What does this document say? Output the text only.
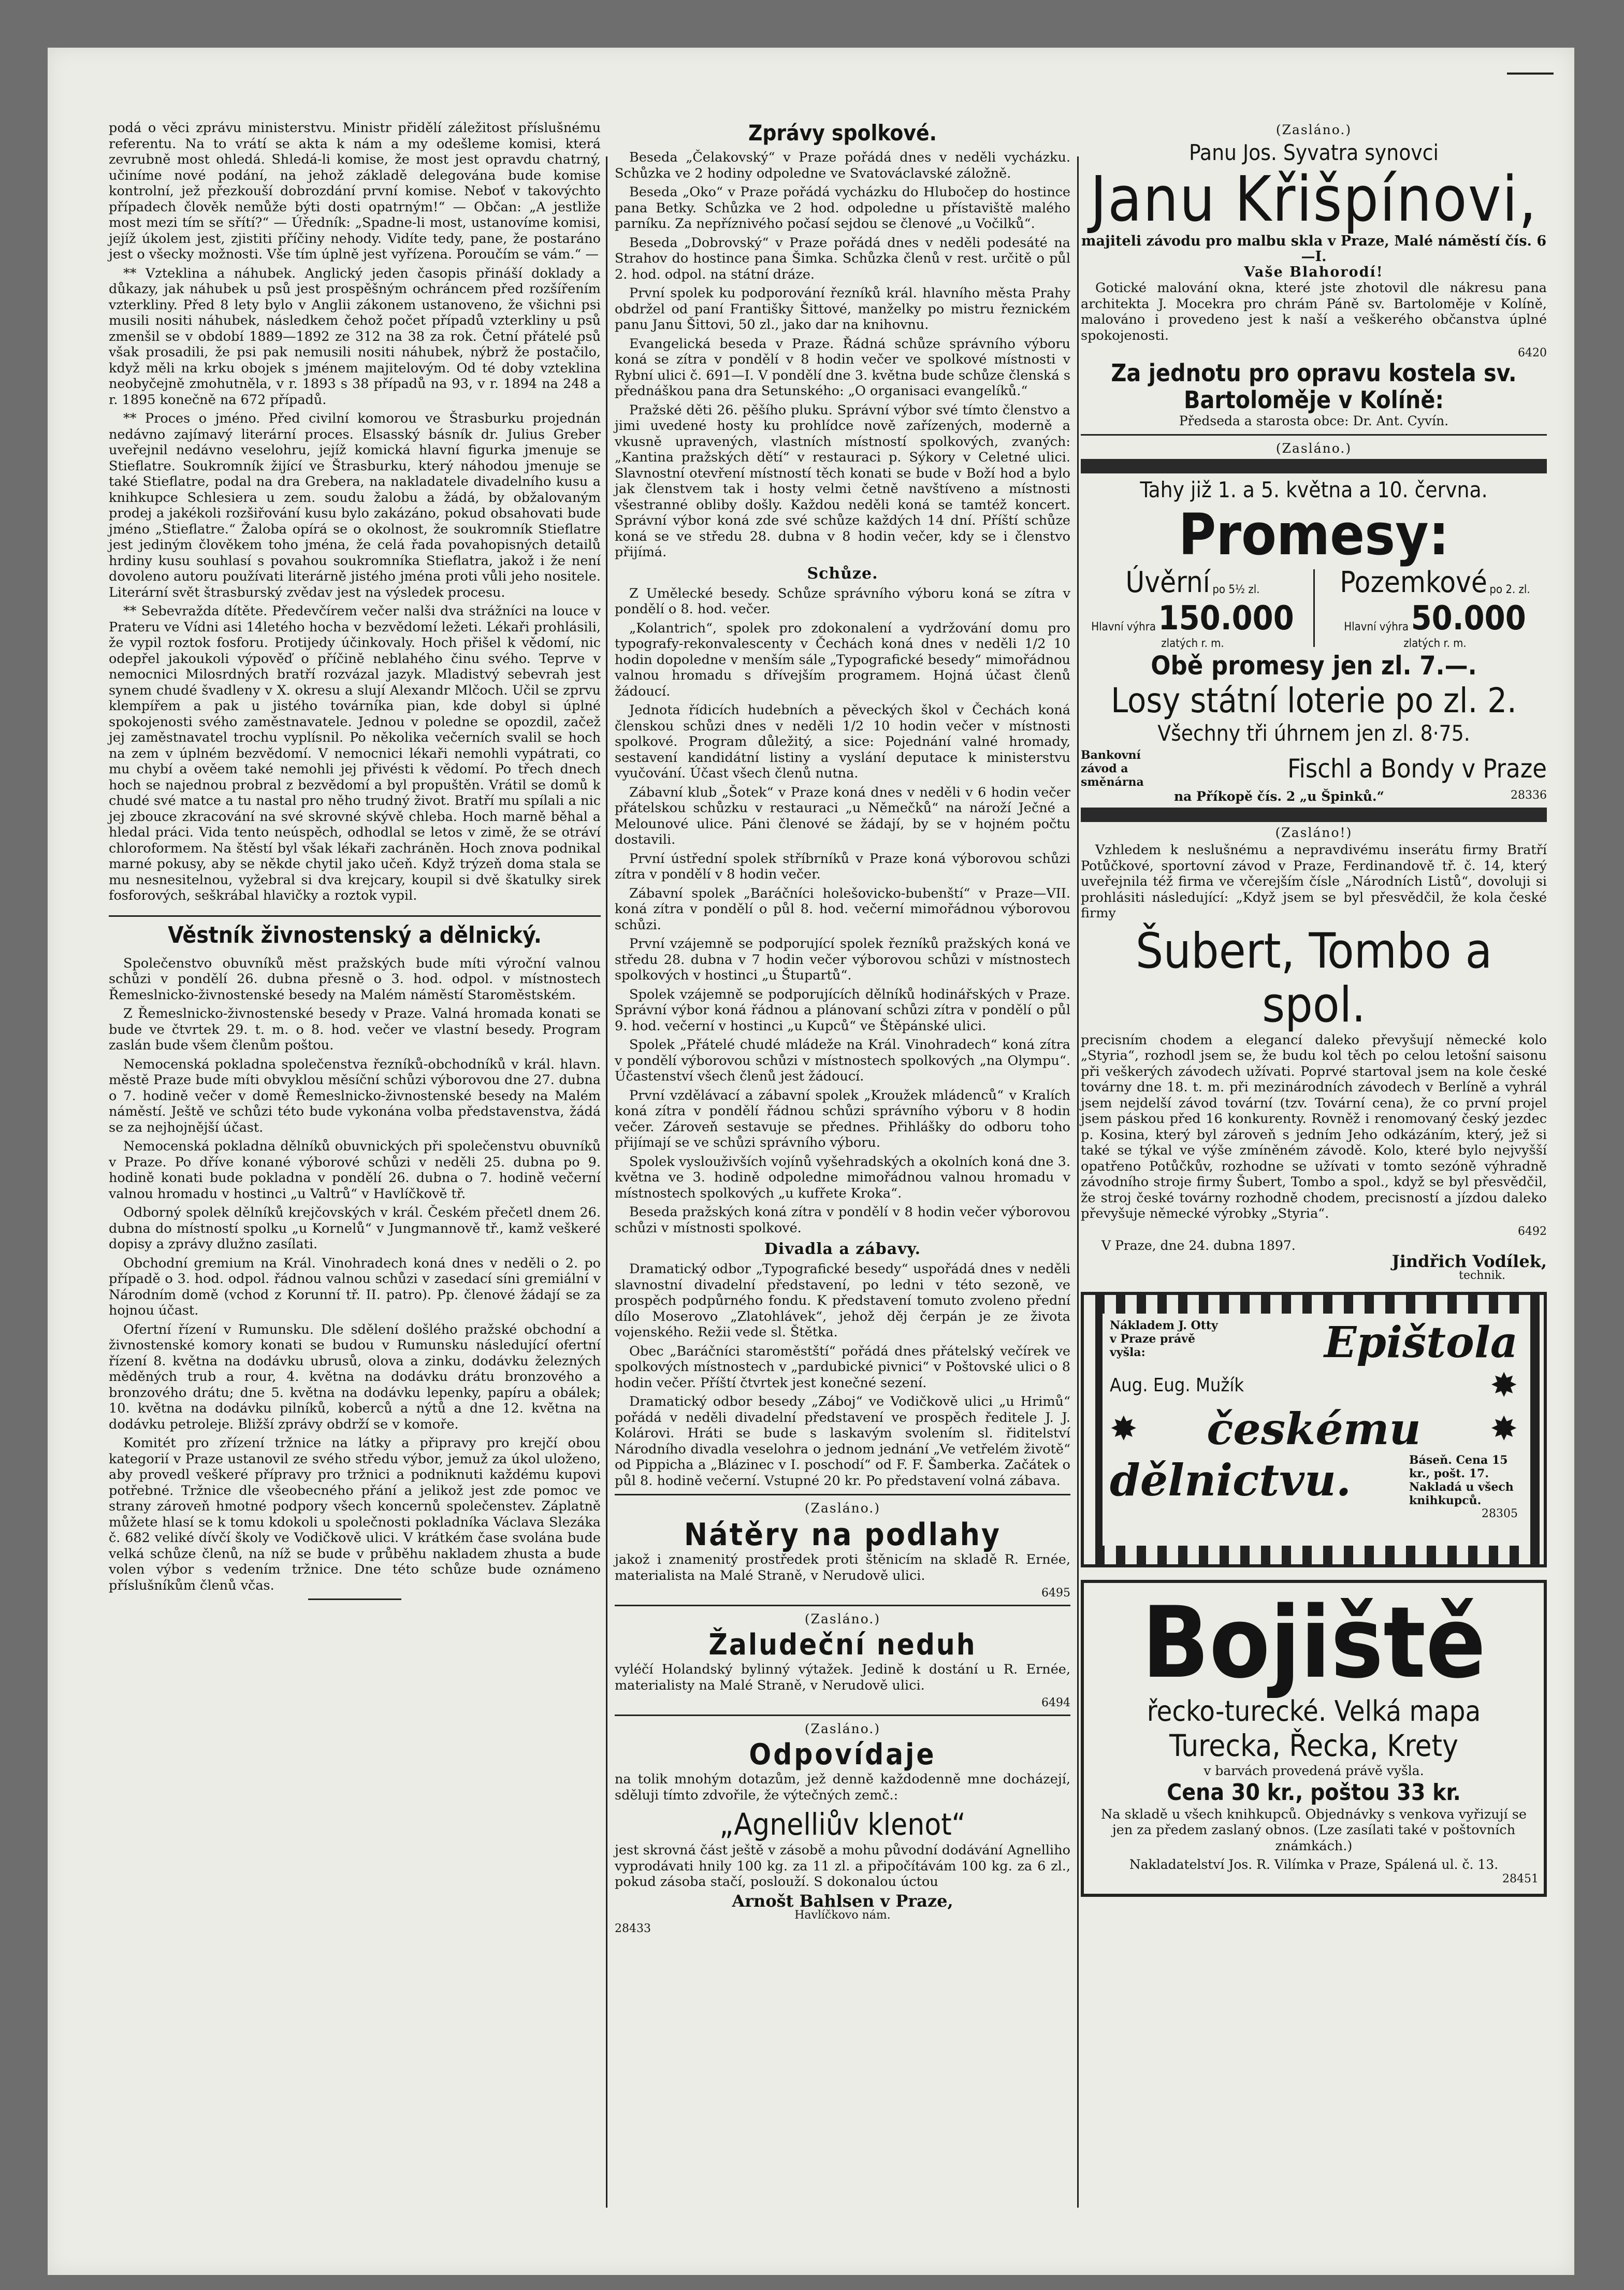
podá o věci zprávu ministerstvu. Ministr přidělí záležitost příslušnému referentu. Na to vrátí se akta k nám a my odešleme komisi, která zevrubně most ohledá. Shledá-li komise, že most jest opravdu chatrný, učiníme nové podání, na jehož základě delegována bude komise kontrolní, jež přezkouší dobrozdání první komise. Neboť v takovýchto případech člověk nemůže býti dosti opatrným!“ — Občan: „A jestliže most mezi tím se sřítí?“ — Úředník: „Spadne-li most, ustanovíme komisi, jejíž úkolem jest, zjistiti příčiny nehody. Vidíte tedy, pane, že postaráno jest o všecky možnosti. Vše tím úplně jest vyřízena. Poroučím se vám.“ —

** Vzteklina a náhubek. Anglický jeden časopis přináší doklady a důkazy, jak náhubek u psů jest prospěšným ochráncem před rozšířením vzterkliny. Před 8 lety bylo v Anglii zákonem ustanoveno, že všichni psi musili nositi náhubek, následkem čehož počet případů vzterkliny u psů zmenšil se v období 1889—1892 ze 312 na 38 za rok. Četní přátelé psů však prosadili, že psi pak nemusili nositi náhubek, nýbrž že postačilo, když měli na krku obojek s jménem majitelovým. Od té doby vzteklina neobyčejně zmohutněla, v r. 1893 s 38 případů na 93, v r. 1894 na 248 a r. 1895 konečně na 672 případů.

** Proces o jméno. Před civilní komorou ve Štrasburku projednán nedávno zajímavý literární proces. Elsasský básník dr. Julius Greber uveřejnil nedávno veselohru, jejíž komická hlavní figurka jmenuje se Stieflatre. Soukromník žijící ve Štrasburku, který náhodou jmenuje se také Stieflatre, podal na dra Grebera, na nakladatele divadelního kusu a knihkupce Schlesiera u zem. soudu žalobu a žádá, by obžalovaným prodej a jakékoli rozšiřování kusu bylo zakázáno, pokud obsahovati bude jméno „Stieflatre.“ Žaloba opírá se o okolnost, že soukromník Stieflatre jest jediným člověkem toho jména, že celá řada povahopisných detailů hrdiny kusu souhlasí s povahou soukromníka Stieflatra, jakož i že není dovoleno autoru používati literárně jistého jména proti vůli jeho nositele. Literární svět štrasburský zvědav jest na výsledek procesu.

** Sebevražda dítěte. Předevčírem večer nalši dva strážníci na louce v Prateru ve Vídni asi 14letého hocha v bezvědomí ležeti. Lékaři prohlásili, že vypil roztok fosforu. Protijedy účinkovaly. Hoch přišel k vědomí, nic odepřel jakoukoli výpověď o příčině neblahého činu svého. Teprve v nemocnici Milosrdných bratří rozvázal jazyk. Mladistvý sebevrah jest synem chudé švadleny v X. okresu a slují Alexandr Mlčoch. Učil se zprvu klempířem a pak u jistého továrníka pian, kde dobyl si úplné spokojenosti svého zaměstnavatele. Jednou v poledne se opozdil, začež jej zaměstnavatel trochu vyplísnil. Po několika večerních svalil se hoch na zem v úplném bezvědomí. V nemocnici lékaři nemohli vypátrati, co mu chybí a ověem také nemohli jej přivésti k vědomí. Po třech dnech hoch se najednou probral z bezvědomí a byl propuštěn. Vrátil se domů k chudé své matce a tu nastal pro něho trudný život. Bratří mu spílali a nic jej zbouce zkracování na své skrovné skývě chleba. Hoch marně běhal a hledal práci. Vida tento neúspěch, odhodlal se letos v zimě, že se otráví chloroformem. Na štěstí byl však lékaři zachráněn. Hoch znova podnikal marné pokusy, aby se někde chytil jako učeň. Když trýzeň doma stala se mu nesnesitelnou, vyžebral si dva krejcary, koupil si dvě škatulky sirek fosforových, seškrábal hlavičky a roztok vypil.

Věstník živnostenský a dělnický.

Společenstvo obuvníků měst pražských bude míti výroční valnou schůzi v pondělí 26. dubna přesně o 3. hod. odpol. v místnostech Řemeslnicko-živnostenské besedy na Malém náměstí Staroměstském.

Z Řemeslnicko-živnostenské besedy v Praze. Valná hromada konati se bude ve čtvrtek 29. t. m. o 8. hod. večer ve vlastní besedy. Program zaslán bude všem členům poštou.

Nemocenská pokladna společenstva řezníků-obchodníků v král. hlavn. městě Praze bude míti obvyklou měsíční schůzi výborovou dne 27. dubna o 7. hodině večer v domě Řemeslnicko-živnostenské besedy na Malém náměstí. Ještě ve schůzi této bude vykonána volba představenstva, žádá se za nejhojnější účast.

Nemocenská pokladna dělníků obuvnických při společenstvu obuvníků v Praze. Po dříve konané výborové schůzi v neděli 25. dubna po 9. hodině konati bude pokladna v pondělí 26. dubna o 7. hodině večerní valnou hromadu v hostinci „u Valtrů“ v Havlíčkově tř.

Odborný spolek dělníků krejčovských v král. Českém přečetl dnem 26. dubna do místností spolku „u Kornelů“ v Jungmannově tř., kamž veškeré dopisy a zprávy dlužno zasílati.

Obchodní gremium na Král. Vinohradech koná dnes v neděli o 2. po případě o 3. hod. odpol. řádnou valnou schůzi v zasedací síni gremiální v Národním domě (vchod z Korunní tř. II. patro). Pp. členové žádají se za hojnou účast.

Ofertní řízení v Rumunsku. Dle sdělení došlého pražské obchodní a živnostenské komory konati se budou v Rumunsku následující ofertní řízení 8. května na dodávku ubrusů, olova a zinku, dodávku železných měděných trub a rour, 4. května na dodávku drátu bronzového a bronzového drátu; dne 5. května na dodávku lepenky, papíru a obálek; 10. května na dodávku pilníků, koberců a nýtů a dne 12. května na dodávku petroleje. Bližší zprávy obdrží se v komoře.

Komitét pro zřízení tržnice na látky a připravy pro krejčí obou kategorií v Praze ustanovil ze svého středu výbor, jemuž za úkol uloženo, aby provedl veškeré přípravy pro tržnici a podniknuti každému kupovi potřebné. Tržnice dle všeobecného přání a jelikož jest zde pomoc ve strany zároveň hmotné podpory všech koncernů společenstev. Záplatně můžete hlasí se k tomu kdokoli u společnosti pokladníka Václava Slezáka č. 682 veliké dívčí školy ve Vodičkově ulici. V krátkém čase svolána bude velká schůze členů, na níž se bude v průběhu nakladem zhusta a bude volen výbor s vedením tržnice. Dne této schůze bude oznámeno příslušníkům členů včas.

Zprávy spolkové.

Beseda „Čelakovský“ v Praze pořádá dnes v neděli vycházku. Schůzka ve 2 hodiny odpoledne ve Svatováclavské záložně.

Beseda „Oko“ v Praze pořádá vycházku do Hlubočep do hostince pana Betky. Schůzka ve 2 hod. odpoledne u přístaviště malého parníku. Za nepříznivého počasí sejdou se členové „u Vočilků“.

Beseda „Dobrovský“ v Praze pořádá dnes v neděli podesáté na Strahov do hostince pana Šimka. Schůzka členů v rest. určitě o půl 2. hod. odpol. na státní dráze.

První spolek ku podporování řezníků král. hlavního města Prahy obdržel od paní Františky Šittové, manželky po mistru řeznickém panu Janu Šittovi, 50 zl., jako dar na knihovnu.

Evangelická beseda v Praze. Řádná schůze správního výboru koná se zítra v pondělí v 8 hodin večer ve spolkové místnosti v Rybní ulici č. 691—I. V pondělí dne 3. května bude schůze členská s přednáškou pana dra Setunského: „O organisaci evangelíků.“

Pražské děti 26. pěšího pluku. Správní výbor své tímto členstvo a jimi uvedené hosty ku prohlídce nově zařízených, moderně a vkusně upravených, vlastních místností spolkových, zvaných: „Kantina pražských dětí“ v restauraci p. Sýkory v Celetné ulici. Slavnostní otevření místností těch konati se bude v Boží hod a bylo jak členstvem tak i hosty velmi četně navštíveno a místnosti všestranné obliby došly. Každou neděli koná se tamtéž koncert. Správní výbor koná zde své schůze každých 14 dní. Příští schůze koná se ve středu 28. dubna v 8 hodin večer, kdy se i členstvo přijímá.

Schůze.

Z Umělecké besedy. Schůze správního výboru koná se zítra v pondělí o 8. hod. večer.

„Kolantrich“, spolek pro zdokonalení a vydržování domu pro typografy-rekonvalescenty v Čechách koná dnes v neděli 1/2 10 hodin dopoledne v menším sále „Typografické besedy“ mimořádnou valnou hromadu s dřívejším programem. Hojná účast členů žádoucí.

Jednota řídicích hudebních a pěveckých škol v Čechách koná členskou schůzi dnes v neděli 1/2 10 hodin večer v místnosti spolkové. Program důležitý, a sice: Pojednání valné hromady, sestavení kandidátní listiny a vyslání deputace k ministerstvu vyučování. Účast všech členů nutna.

Zábavní klub „Šotek“ v Praze koná dnes v neděli v 6 hodin večer přátelskou schůzku v restauraci „u Němečků“ na nároží Ječné a Melounové ulice. Páni členové se žádají, by se v hojném počtu dostavili.

První ústřední spolek stříbrníků v Praze koná výborovou schůzi zítra v pondělí v 8 hodin večer.

Zábavní spolek „Baráčníci holešovicko-bubenští“ v Praze—VII. koná zítra v pondělí o půl 8. hod. večerní mimořádnou výborovou schůzi.

První vzájemně se podporující spolek řezníků pražských koná ve středu 28. dubna v 7 hodin večer výborovou schůzi v místnostech spolkových v hostinci „u Štupartů“.

Spolek vzájemně se podporujících dělníků hodinářských v Praze. Správní výbor koná řádnou a plánovaní schůzi zítra v pondělí o půl 9. hod. večerní v hostinci „u Kupců“ ve Štěpánské ulici.

Spolek „Přátelé chudé mládeže na Král. Vinohradech“ koná zítra v pondělí výborovou schůzi v místnostech spolkových „na Olympu“. Účastenství všech členů jest žádoucí.

První vzdělávací a zábavní spolek „Kroužek mládenců“ v Kralích koná zítra v pondělí řádnou schůzi správního výboru v 8 hodin večer. Zároveň sestavuje se přednes. Přihlášky do odboru toho přijímají se ve schůzi správního výboru.

Spolek vyslouživších vojínů vyšehradských a okolních koná dne 3. května ve 3. hodině odpoledne mimořádnou valnou hromadu v místnostech spolkových „u kufřete Kroka“.

Beseda pražských koná zítra v pondělí v 8 hodin večer výborovou schůzi v místnosti spolkové.

Divadla a zábavy.

Dramatický odbor „Typografické besedy“ uspořádá dnes v neděli slavnostní divadelní představení, po ledni v této sezoně, ve prospěch podpůrného fondu. K představení tomuto zvoleno přední dílo Moserovo „Zlatohlávek“, jehož děj čerpán je ze života vojenského. Režii vede sl. Štětka.

Obec „Baráčníci staroměstští“ pořádá dnes přátelský večírek ve spolkových místnostech v „pardubické pivnici“ v Poštovské ulici o 8 hodin večer. Příští čtvrtek jest konečné sezení.

Dramatický odbor besedy „Záboj“ ve Vodičkově ulici „u Hrimů“ pořádá v neděli divadelní představení ve prospěch ředitele J. J. Kolárovi. Hráti se bude s laskavým svolením sl. řiditelství Národního divadla veselohra o jednom jednání „Ve vetřelém životě“ od Pippicha a „Blázinec v I. poschodí“ od F. F. Šamberka. Začátek o půl 8. hodině večerní. Vstupné 20 kr. Po představení volná zábava.

(Zasláno.)
Nátěry na podlahy

jakož i znamenitý prostředek proti štěnicím na skladě R. Ernée, materialista na Malé Straně, v Nerudově ulici.

6495
(Zasláno.)
Žaludeční neduh

vyléčí Holandský bylinný výtažek. Jedině k dostání u R. Ernée, materialisty na Malé Straně, v Nerudově ulici.

6494
(Zasláno.)
Odpovídaje

na tolik mnohým dotazům, jež denně každodenně mne docházejí, sděluji tímto zdvořile, že výtečných zemč.:

„Agnelliův klenot“

jest skrovná část ještě v zásobě a mohu původní dodávání Agnelliho vyprodávati hnily 100 kg. za 11 zl. a připočítávám 100 kg. za 6 zl., pokud zásoba stačí, poslouží. S dokonalou úctou

Arnošt Bahlsen v Praze,
Havlíčkovo nám.
28433
(Zasláno.)
Panu Jos. Syvatra synovci
Janu Křišpínovi,
majiteli závodu pro malbu skla v Praze, Malé náměstí čís. 6—I.
Vaše Blahorodí!

Gotické malování okna, které jste zhotovil dle nákresu pana architekta J. Mocekra pro chrám Páně sv. Bartoloměje v Kolíně, malováno i provedeno jest k naší a veškerého občanstva úplné spokojenosti.

6420
Za jednotu pro opravu kostela sv. Bartoloměje v Kolíně:
Předseda a starosta obce: Dr. Ant. Cyvín.
(Zasláno.)
Tahy již 1. a 5. května a 10. června.
Promesy:
Úvěrní po 5½ zl.
Hlavní výhra 150.000 zlatých r. m.
Pozemkové po 2. zl.
Hlavní výhra 50.000 zlatých r. m.
Obě promesy jen zl. 7.—.
Losy státní loterie po zl. 2.
Všechny tři úhrnem jen zl. 8·75.
Bankovní závod a směnárna	Fischl a Bondy v Praze
na Příkopě čís. 2 „u Špinků.“	28336
(Zasláno!)

Vzhledem k neslušnému a nepravdivému inserátu firmy Bratří Potůčkové, sportovní závod v Praze, Ferdinandově tř. č. 14, který uveřejnila též firma ve včerejším čísle „Národních Listů“, dovoluji si prohlásiti následující: „Když jsem se byl přesvědčil, že kola české firmy

Šubert, Tombo a spol.

precisním chodem a elegancí daleko převyšují německé kolo „Styria“, rozhodl jsem se, že budu kol těch po celou letošní saisonu při veškerých závodech užívati. Poprvé startoval jsem na kole české továrny dne 18. t. m. při mezinárodních závodech v Berlíně a vyhrál jsem nejdelší závod tovární (tzv. Tovární cena), že co první projel jsem páskou před 16 konkurenty. Rovněž i renomovaný český jezdec p. Kosina, který byl zároveň s jedním Jeho odkázáním, který, jež si také se týkal ve výše zmíněném závodě. Kolo, které bylo nejvyšší opatřeno Potůčkův, rozhodne se užívati v tomto sezóně výhradně závodního stroje firmy Šubert, Tombo a spol., když se byl přesvědčil, že stroj české továrny rozhodně chodem, precisností a jízdou daleko převyšuje německé výrobky „Styria“.

6492
V Praze, dne 24. dubna 1897.
Jindřich Vodílek,
technik.
Nákladem J. Otty v Praze právě vyšla:	Epištola
Aug. Eug. Mužík	✸
✸ českému ✸
dělnictvu.	Báseň. Cena 15 kr., pošt. 17. Nakladá u všech knihkupců.
28305
Bojiště
řecko-turecké. Velká mapa
Turecka, Řecka, Krety
v barvách provedená právě vyšla.
Cena 30 kr., poštou 33 kr.

Na skladě u všech knihkupců. Objednávky s venkova vyřizují se jen za předem zaslaný obnos. (Lze zasílati také v poštovních známkách.)

Nakladatelství Jos. R. Vilímka v Praze, Spálená ul. č. 13.
28451
